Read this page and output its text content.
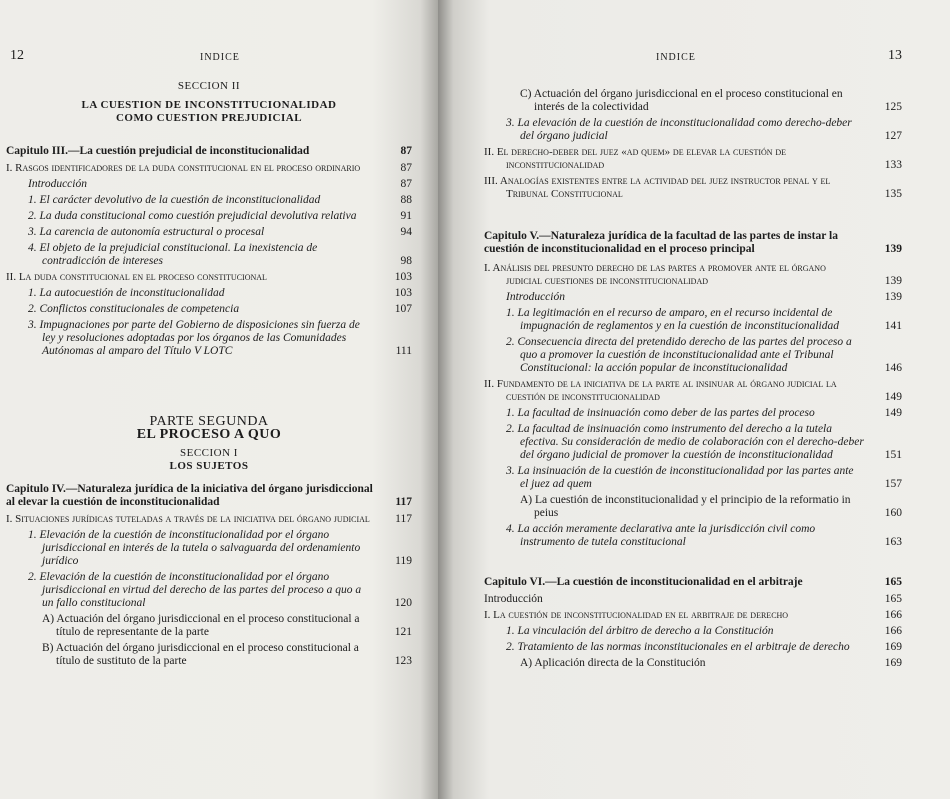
12	INDICE
SECCION II
LA CUESTION DE INCONSTITUCIONALIDAD
COMO CUESTION PREJUDICIAL
Capitulo III.—La cuestión prejudicial de inconstitucionalidad	87
I. Rasgos identificadores de la duda constitucional en el proceso ordinario	87
Introducción	87
1. El carácter devolutivo de la cuestión de inconstitucionalidad	88
2. La duda constitucional como cuestión prejudicial devolutiva relativa	91
3. La carencia de autonomía estructural o procesal	94
4. El objeto de la prejudicial constitucional. La inexistencia de contradicción de intereses	98
II. La duda constitucional en el proceso constitucional	103
1. La autocuestión de inconstitucionalidad	103
2. Conflictos constitucionales de competencia	107
3. Impugnaciones por parte del Gobierno de disposiciones sin fuerza de ley y resoluciones adoptadas por los órganos de las Comunidades Autónomas al amparo del Título V LOTC	111
PARTE SEGUNDA
EL PROCESO A QUO
SECCION I
LOS SUJETOS
Capitulo IV.—Naturaleza jurídica de la iniciativa del órgano jurisdiccional al elevar la cuestión de inconstitucionalidad	117
I. Situaciones jurídicas tuteladas a través de la iniciativa del órgano judicial	117
1. Elevación de la cuestión de inconstitucionalidad por el órgano jurisdiccional en interés de la tutela o salvaguarda del ordenamiento jurídico	119
2. Elevación de la cuestión de inconstitucionalidad por el órgano jurisdiccional en virtud del derecho de las partes del proceso a quo a un fallo constitucional	120
A) Actuación del órgano jurisdiccional en el proceso constitucional a título de representante de la parte	121
B) Actuación del órgano jurisdiccional en el proceso constitucional a título de sustituto de la parte	123
INDICE	13
C) Actuación del órgano jurisdiccional en el proceso constitucional en interés de la colectividad	125
3. La elevación de la cuestión de inconstitucionalidad como derecho-deber del órgano judicial	127
II. El derecho-deber del juez «ad quem» de elevar la cuestión de inconstitucionalidad	133
III. Analogías existentes entre la actividad del juez instructor penal y el Tribunal Constitucional	135
Capitulo V.—Naturaleza jurídica de la facultad de las partes de instar la cuestión de inconstitucionalidad en el proceso principal	139
I. Análisis del presunto derecho de las partes a promover ante el órgano judicial cuestiones de inconstitucionalidad	139
Introducción	139
1. La legitimación en el recurso de amparo, en el recurso incidental de impugnación de reglamentos y en la cuestión de inconstitucionalidad	141
2. Consecuencia directa del pretendido derecho de las partes del proceso a quo a promover la cuestión de inconstitucionalidad ante el Tribunal Constitucional: la acción popular de inconstitucionalidad	146
II. Fundamento de la iniciativa de la parte al insinuar al órgano judicial la cuestión de inconstitucionalidad	149
1. La facultad de insinuación como deber de las partes del proceso	149
2. La facultad de insinuación como instrumento del derecho a la tutela efectiva. Su consideración de medio de colaboración con el derecho-deber del órgano judicial de promover la cuestión de inconstitucionalidad	151
3. La insinuación de la cuestión de inconstitucionalidad por las partes ante el juez ad quem	157
A) La cuestión de inconstitucionalidad y el principio de la reformatio in peius	160
4. La acción meramente declarativa ante la jurisdicción civil como instrumento de tutela constitucional	163
Capitulo VI.—La cuestión de inconstitucionalidad en el arbitraje	165
Introducción	165
I. La cuestión de inconstitucionalidad en el arbitraje de derecho	166
1. La vinculación del árbitro de derecho a la Constitución	166
2. Tratamiento de las normas inconstitucionales en el arbitraje de derecho	169
A) Aplicación directa de la Constitución	169
